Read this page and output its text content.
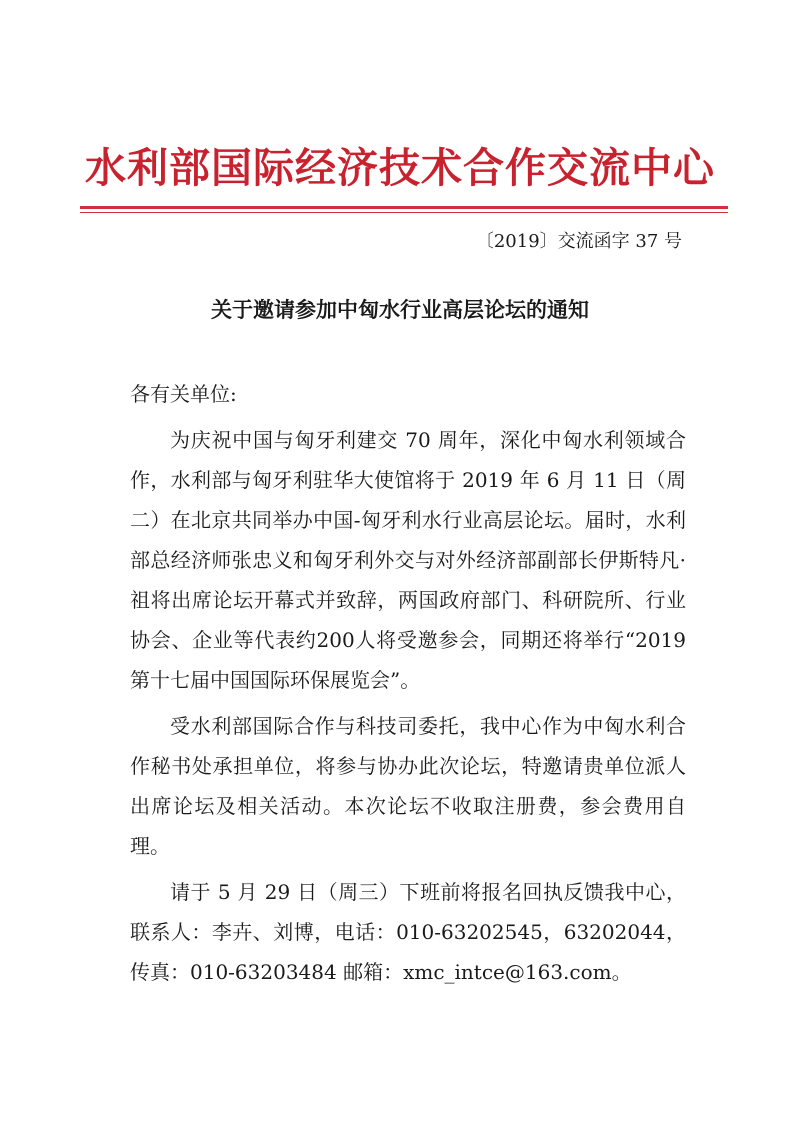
水利部国际经济技术合作交流中心
〔2019〕交流函字 37 号
关于邀请参加中匈水行业高层论坛的通知

各有关单位:

为庆祝中国与匈牙利建交 70 周年，深化中匈水利领域合作，水利部与匈牙利驻华大使馆将于 2019 年 6 月 11 日（周二）在北京共同举办中国-匈牙利水行业高层论坛。届时，水利部总经济师张忠义和匈牙利外交与对外经济部副部长伊斯特凡·祖将出席论坛开幕式并致辞，两国政府部门、科研院所、行业协会、企业等代表约200人将受邀参会，同期还将举行“2019 第十七届中国国际环保展览会”。

受水利部国际合作与科技司委托，我中心作为中匈水利合作秘书处承担单位，将参与协办此次论坛，特邀请贵单位派人出席论坛及相关活动。本次论坛不收取注册费，参会费用自理。

请于 5 月 29 日（周三）下班前将报名回执反馈我中心，联系人：李卉、刘博，电话：010-63202545，63202044，传真：010-63203484 邮箱：xmc_intce@163.com。
